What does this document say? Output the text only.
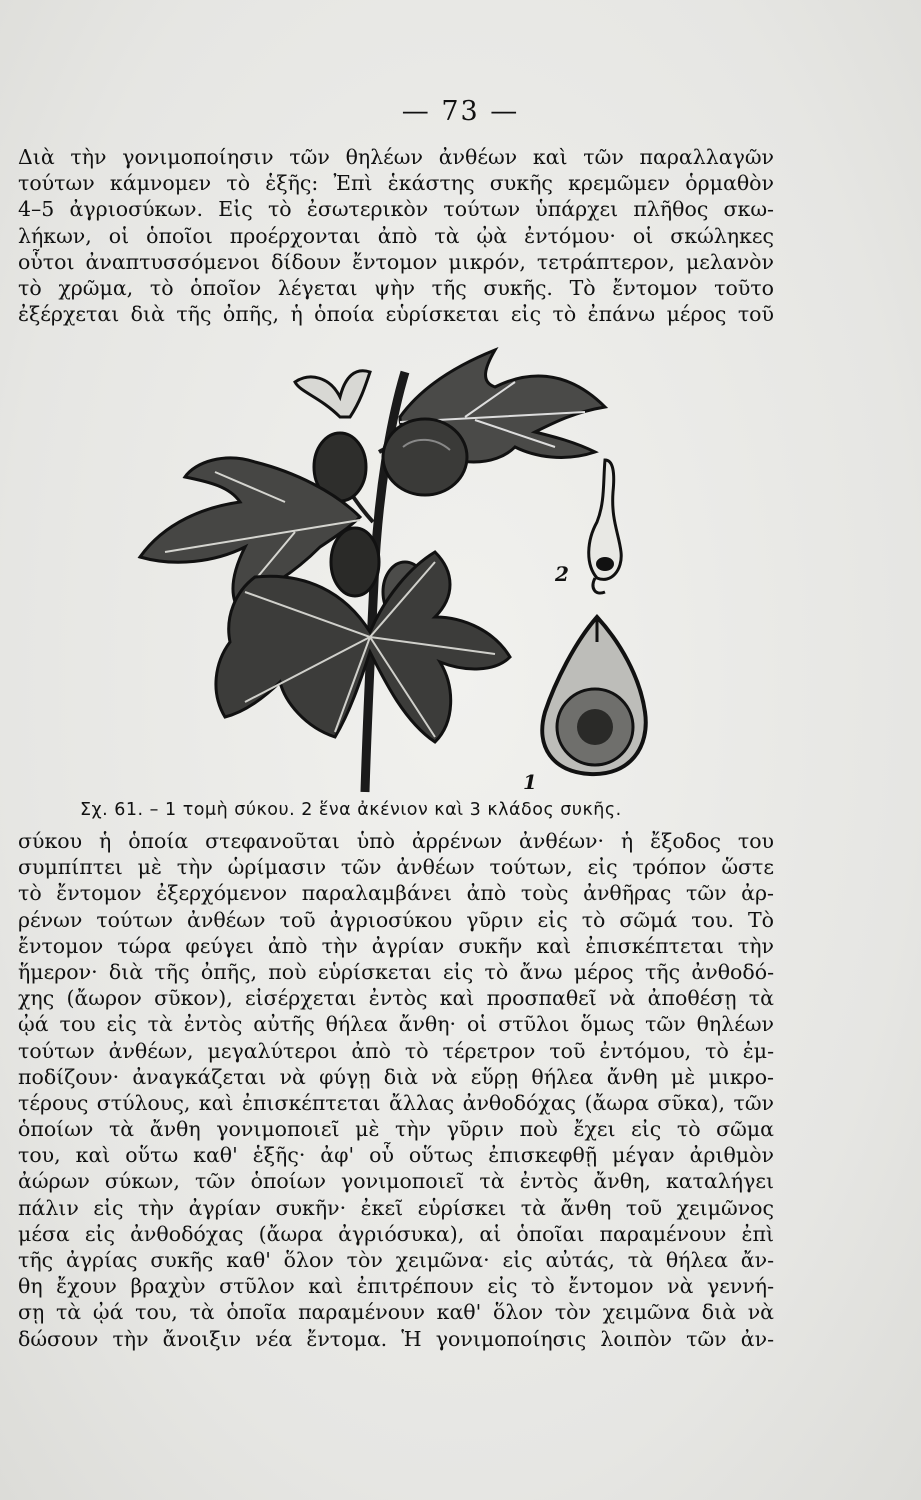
— 73 —
Διὰ τὴν γονιμοποίησιν τῶν θηλέων ἀνθέων καὶ τῶν παραλλαγῶν
τούτων κάμνομεν τὸ ἑξῆς: Ἐπὶ ἑκάστης συκῆς κρεμῶμεν ὁρμαθὸν
4–5 ἀγριοσύκων. Εἰς τὸ ἐσωτερικὸν τούτων ὑπάρχει πλῆθος σκω-
λήκων, οἱ ὁποῖοι προέρχονται ἀπὸ τὰ ᾠὰ ἐντόμου· οἱ σκώληκες
οὗτοι ἀναπτυσσόμενοι δίδουν ἔντομον μικρόν, τετράπτερον, μελανὸν
τὸ χρῶμα, τὸ ὁποῖον λέγεται ψὴν τῆς συκῆς. Τὸ ἔντομον τοῦτο
ἐξέρχεται διὰ τῆς ὀπῆς, ἡ ὁποία εὑρίσκεται εἰς τὸ ἐπάνω μέρος τοῦ
2
1
Σχ. 61. – 1 τομὴ σύκου. 2 ἕνα ἀκένιον καὶ 3 κλάδος συκῆς.
σύκου ἡ ὁποία στεφανοῦται ὑπὸ ἀρρένων ἀνθέων· ἡ ἔξοδος του
συμπίπτει μὲ τὴν ὡρίμασιν τῶν ἀνθέων τούτων, εἰς τρόπον ὥστε
τὸ ἔντομον ἐξερχόμενον παραλαμβάνει ἀπὸ τοὺς ἀνθῆρας τῶν ἀρ-
ρένων τούτων ἀνθέων τοῦ ἀγριοσύκου γῦριν εἰς τὸ σῶμά του. Τὸ
ἔντομον τώρα φεύγει ἀπὸ τὴν ἀγρίαν συκῆν καὶ ἐπισκέπτεται τὴν
ἥμερον· διὰ τῆς ὀπῆς, ποὺ εὑρίσκεται εἰς τὸ ἄνω μέρος τῆς ἀνθοδό-
χης (ἄωρον σῦκον), εἰσέρχεται ἐντὸς καὶ προσπαθεῖ νὰ ἀποθέσῃ τὰ
ᾠά του εἰς τὰ ἐντὸς αὐτῆς θήλεα ἄνθη· οἱ στῦλοι ὅμως τῶν θηλέων
τούτων ἀνθέων, μεγαλύτεροι ἀπὸ τὸ τέρετρον τοῦ ἐντόμου, τὸ ἐμ-
ποδίζουν· ἀναγκάζεται νὰ φύγῃ διὰ νὰ εὕρῃ θήλεα ἄνθη μὲ μικρο-
τέρους στύλους, καὶ ἐπισκέπτεται ἄλλας ἀνθοδόχας (ἄωρα σῦκα), τῶν
ὁποίων τὰ ἄνθη γονιμοποιεῖ μὲ τὴν γῦριν ποὺ ἔχει εἰς τὸ σῶμα
του, καὶ οὕτω καθ' ἑξῆς· ἀφ' οὗ οὕτως ἐπισκεφθῇ μέγαν ἀριθμὸν
ἀώρων σύκων, τῶν ὁποίων γονιμοποιεῖ τὰ ἐντὸς ἄνθη, καταλήγει
πάλιν εἰς τὴν ἀγρίαν συκῆν· ἐκεῖ εὑρίσκει τὰ ἄνθη τοῦ χειμῶνος
μέσα εἰς ἀνθοδόχας (ἄωρα ἀγριόσυκα), αἱ ὁποῖαι παραμένουν ἐπὶ
τῆς ἀγρίας συκῆς καθ' ὅλον τὸν χειμῶνα· εἰς αὐτάς, τὰ θήλεα ἄν-
θη ἔχουν βραχὺν στῦλον καὶ ἐπιτρέπουν εἰς τὸ ἔντομον νὰ γεννή-
σῃ τὰ ᾠά του, τὰ ὁποῖα παραμένουν καθ' ὅλον τὸν χειμῶνα διὰ νὰ
δώσουν τὴν ἄνοιξιν νέα ἔντομα. Ἡ γονιμοποίησις λοιπὸν τῶν ἀν-
